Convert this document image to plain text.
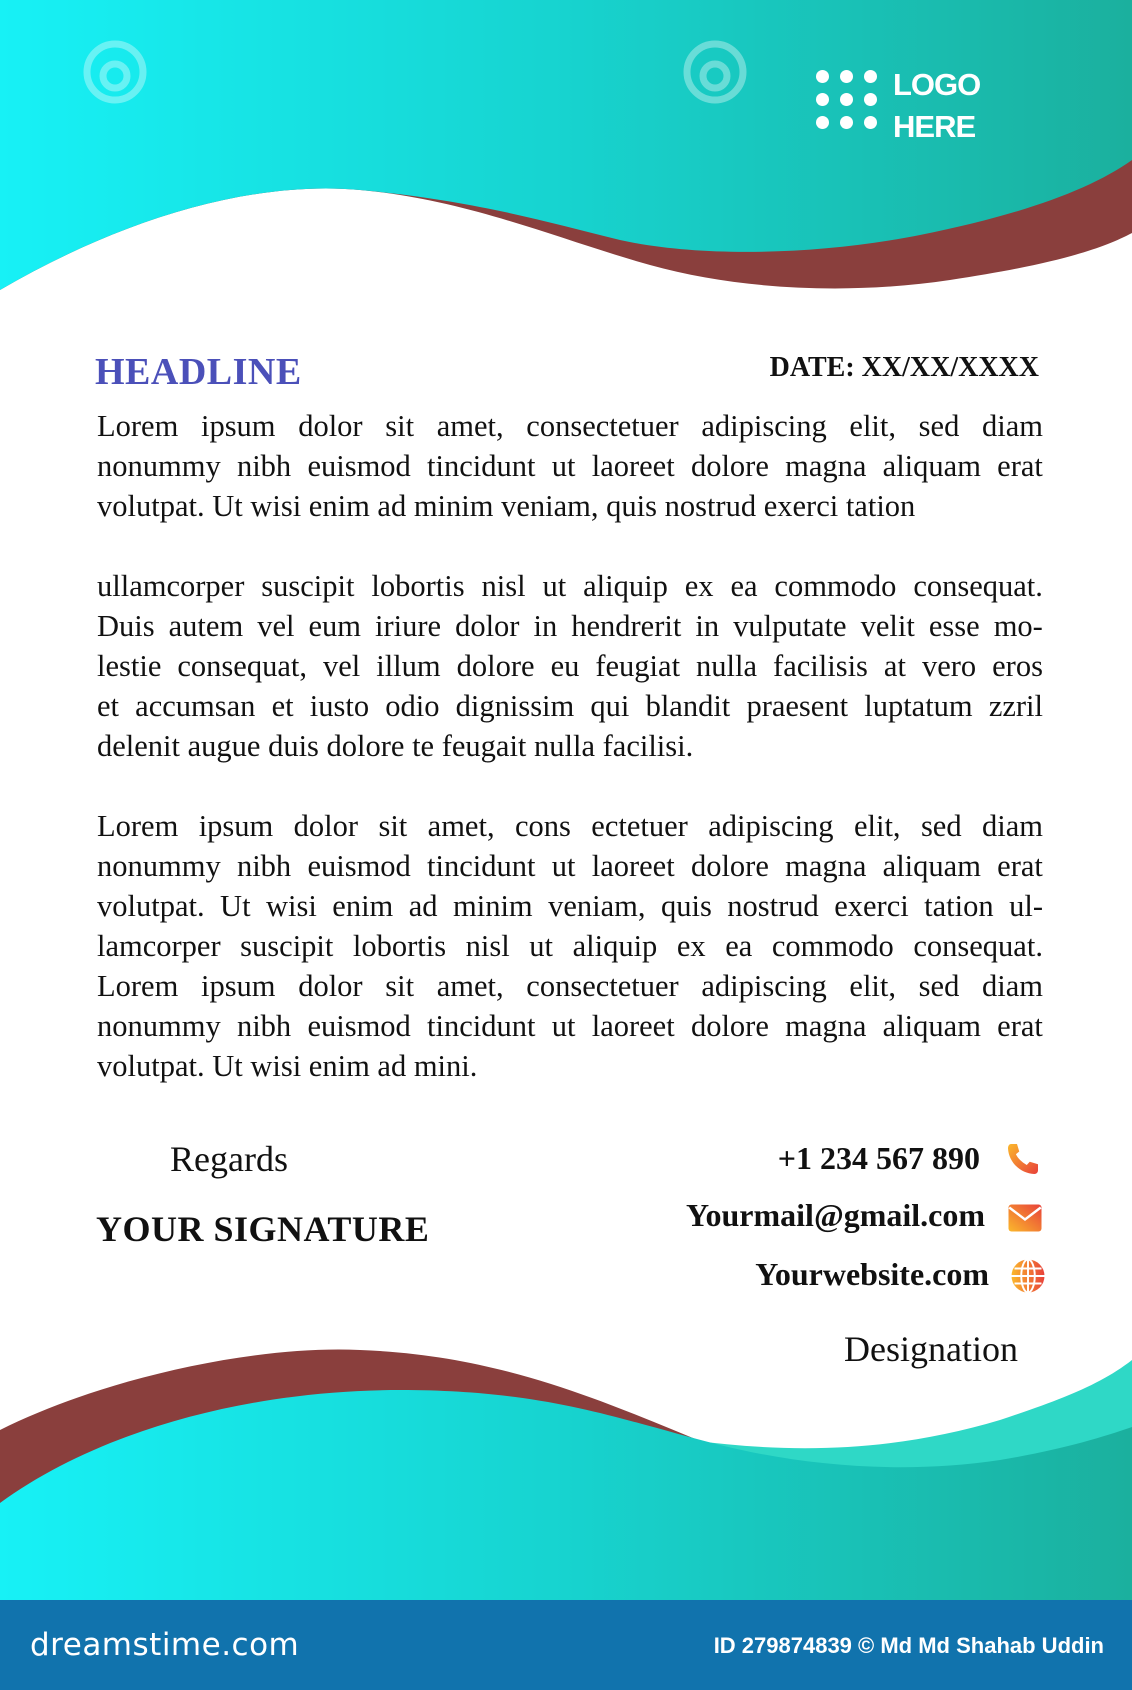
LOGO
HERE
HEADLINE	DATE: XX/XX/XXXX
Lorem ipsum dolor sit amet, consectetuer adipiscing elit, sed diam
nonummy nibh euismod tincidunt ut laoreet dolore magna aliquam erat
volutpat. Ut wisi enim ad minim veniam, quis nostrud exerci tation
ullamcorper suscipit lobortis nisl ut aliquip ex ea commodo consequat.
Duis autem vel eum iriure dolor in hendrerit in vulputate velit esse mo-
lestie consequat, vel illum dolore eu feugiat nulla facilisis at vero eros
et accumsan et iusto odio dignissim qui blandit praesent luptatum zzril
delenit augue duis dolore te feugait nulla facilisi.
Lorem ipsum dolor sit amet, cons ectetuer adipiscing elit, sed diam
nonummy nibh euismod tincidunt ut laoreet dolore magna aliquam erat
volutpat. Ut wisi enim ad minim veniam, quis nostrud exerci tation ul-
lamcorper suscipit lobortis nisl ut aliquip ex ea commodo consequat.
Lorem ipsum dolor sit amet, consectetuer adipiscing elit, sed diam
nonummy nibh euismod tincidunt ut laoreet dolore magna aliquam erat
volutpat. Ut wisi enim ad mini.
Regards
YOUR SIGNATURE
+1 234 567 890
Yourmail@gmail.com
Yourwebsite.com
Designation
dreamstime.com	ID 279874839 © Md Md Shahab Uddin
